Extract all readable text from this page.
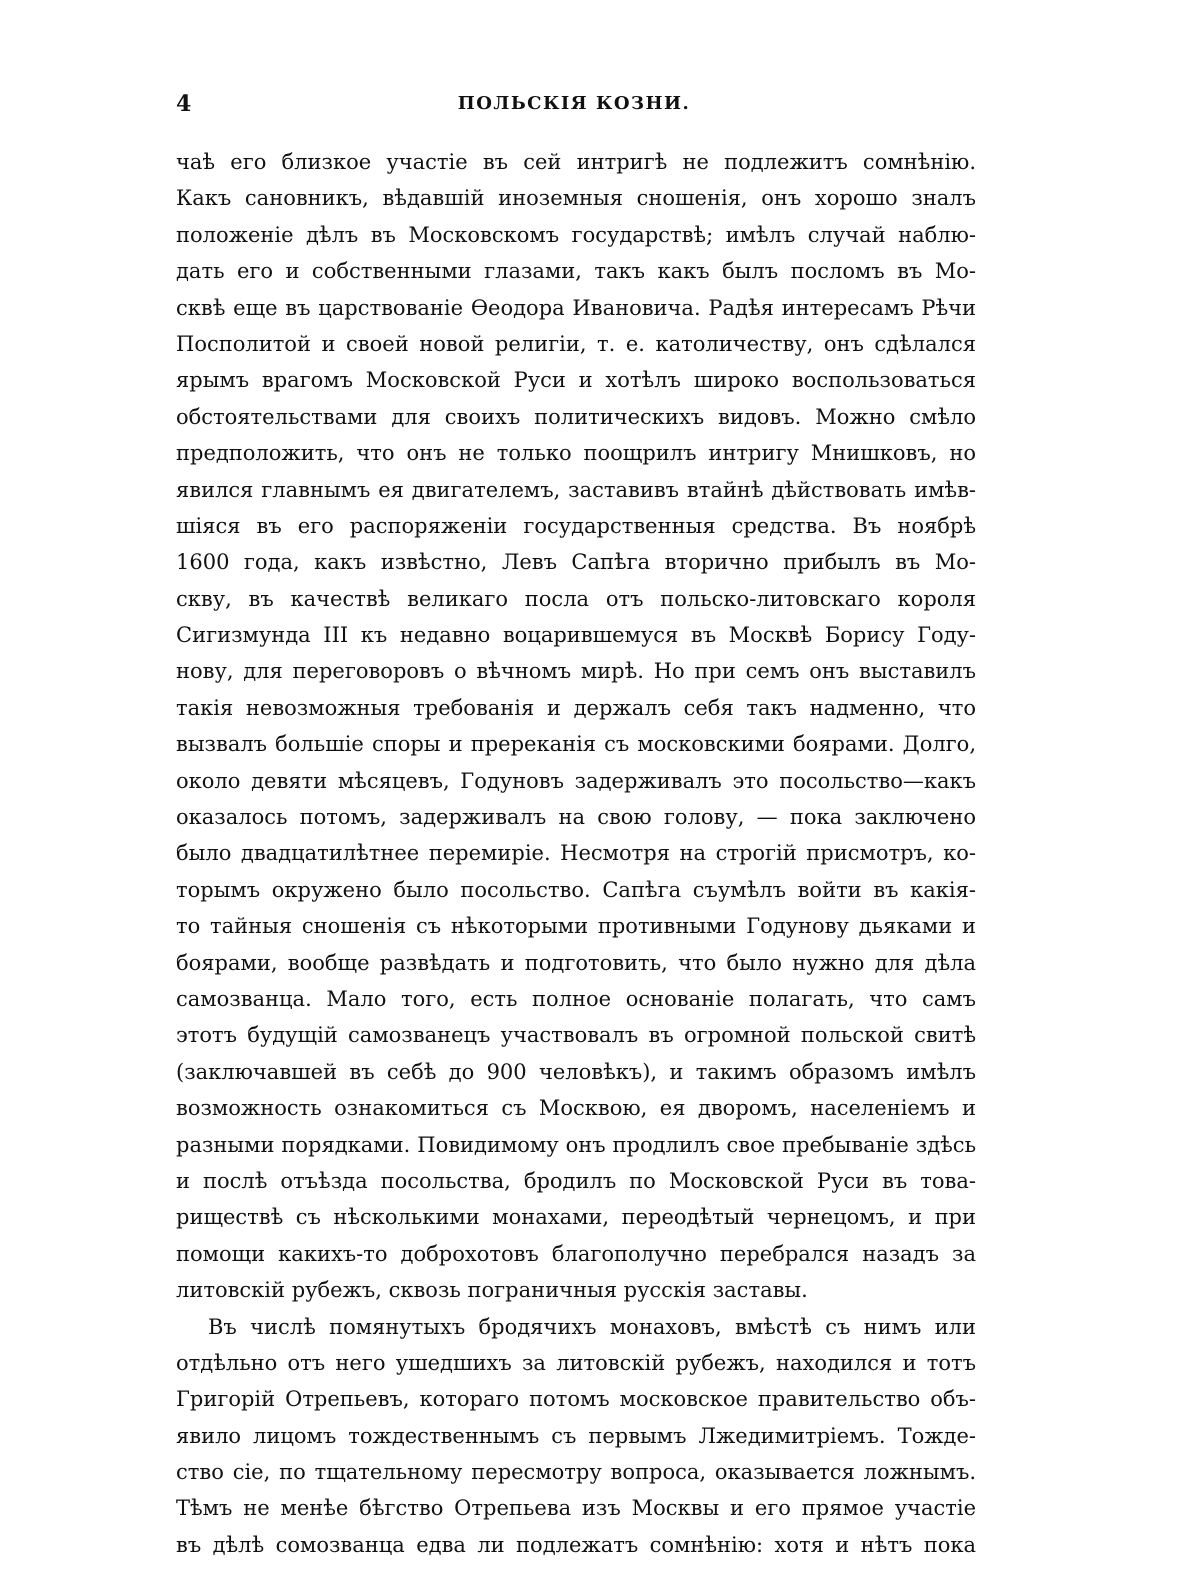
4	ПОЛЬСКІЯ КОЗНИ.
чаѣ его близкое участіе въ сей интригѣ не подлежитъ сомнѣнію.
Какъ сановникъ, вѣдавшій иноземныя сношенія, онъ хорошо зналъ
положеніе дѣлъ въ Московскомъ государствѣ; имѣлъ случай наблю-
дать его и собственными глазами, такъ какъ былъ посломъ въ Мо-
сквѣ еще въ царствованіе Ѳеодора Ивановича. Радѣя интересамъ Рѣчи
Посполитой и своей новой религіи, т. е. католичеству, онъ сдѣлался
ярымъ врагомъ Московской Руси и хотѣлъ широко воспользоваться
обстоятельствами для своихъ политическихъ видовъ. Можно смѣло
предположить, что онъ не только поощрилъ интригу Мнишковъ, но
явился главнымъ ея двигателемъ, заставивъ втайнѣ дѣйствовать имѣв-
шіяся въ его распоряженіи государственныя средства. Въ ноябрѣ
1600 года, какъ извѣстно, Левъ Сапѣга вторично прибылъ въ Мо-
скву, въ качествѣ великаго посла отъ польско-литовскаго короля
Сигизмунда III къ недавно воцарившемуся въ Москвѣ Борису Году-
нову, для переговоровъ о вѣчномъ мирѣ. Но при семъ онъ выставилъ
такія невозможныя требованія и держалъ себя такъ надменно, что
вызвалъ большіе споры и пререканія съ московскими боярами. Долго,
около девяти мѣсяцевъ, Годуновъ задерживалъ это посольство—какъ
оказалось потомъ, задерживалъ на свою голову, — пока заключено
было двадцатилѣтнее перемиріе. Несмотря на строгій присмотръ, ко-
торымъ окружено было посольство. Сапѣга съумѣлъ войти въ какія-
то тайныя сношенія съ нѣкоторыми противными Годунову дьяками и
боярами, вообще развѣдать и подготовить, что было нужно для дѣла
самозванца. Мало того, есть полное основаніе полагать, что самъ
этотъ будущій самозванецъ участвовалъ въ огромной польской свитѣ
(заключавшей въ себѣ до 900 человѣкъ), и такимъ образомъ имѣлъ
возможность ознакомиться съ Москвою, ея дворомъ, населеніемъ и
разными порядками. Повидимому онъ продлилъ свое пребываніе здѣсь
и послѣ отъѣзда посольства, бродилъ по Московской Руси въ това-
риществѣ съ нѣсколькими монахами, переодѣтый чернецомъ, и при
помощи какихъ-то доброхотовъ благополучно перебрался назадъ за
литовскій рубежъ, сквозь пограничныя русскія заставы.
Въ числѣ помянутыхъ бродячихъ монаховъ, вмѣстѣ съ нимъ или
отдѣльно отъ него ушедшихъ за литовскій рубежъ, находился и тотъ
Григорій Отрепьевъ, котораго потомъ московское правительство объ-
явило лицомъ тождественнымъ съ первымъ Лжедимитріемъ. Тожде-
ство сіе, по тщательному пересмотру вопроса, оказывается ложнымъ.
Тѣмъ не менѣе бѣгство Отрепьева изъ Москвы и его прямое участіе
въ дѣлѣ сомозванца едва ли подлежатъ сомнѣнію: хотя и нѣтъ пока
